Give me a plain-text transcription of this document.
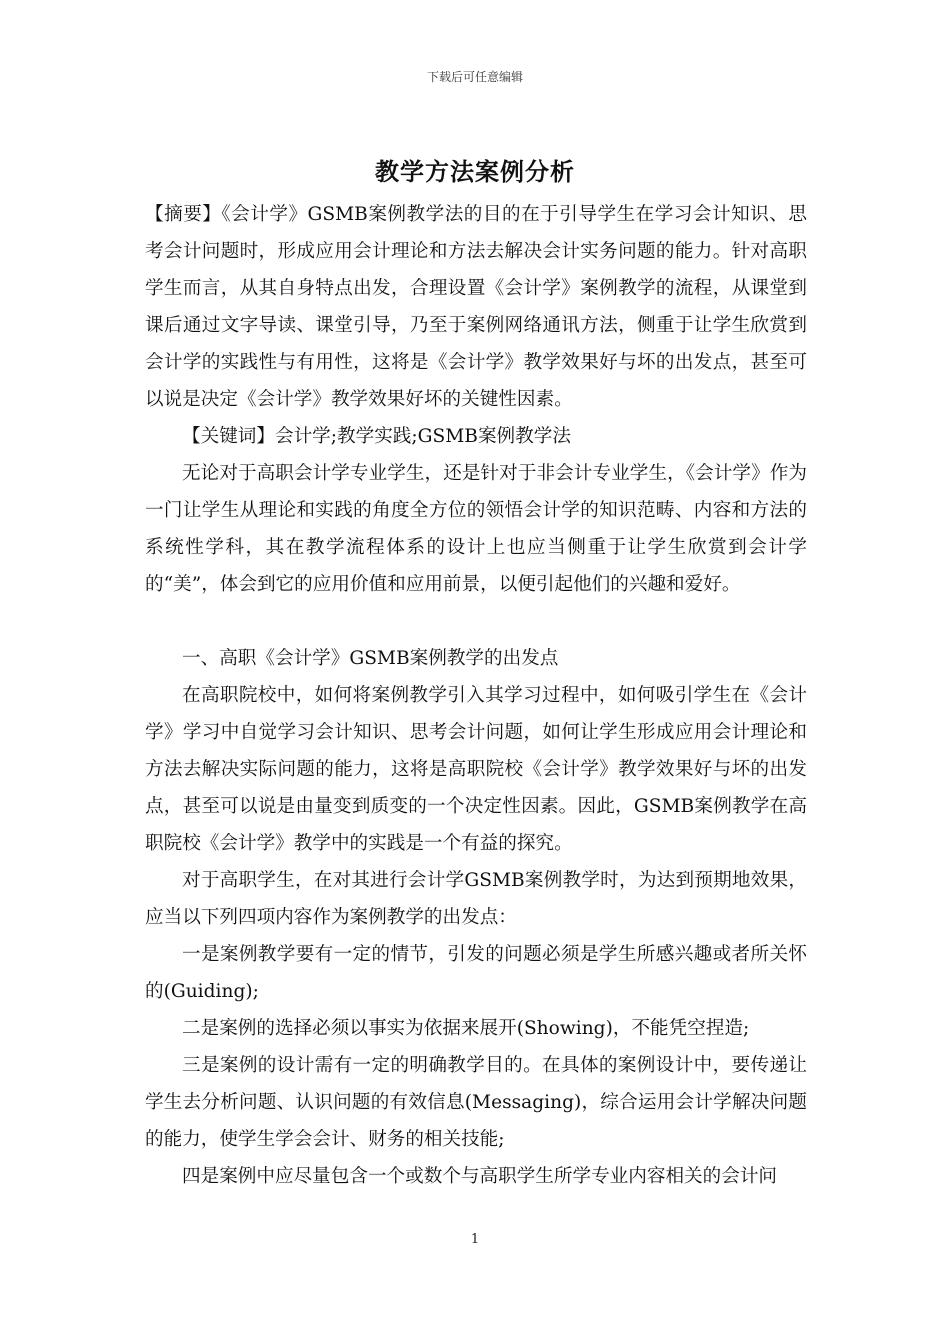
下载后可任意编辑
教学方法案例分析

【摘要】《会计学》GSMB案例教学法的目的在于引导学生在学习会计知识、思考会计问题时，形成应用会计理论和方法去解决会计实务问题的能力。针对高职学生而言，从其自身特点出发，合理设置《会计学》案例教学的流程，从课堂到课后通过文字导读、课堂引导，乃至于案例网络通讯方法，侧重于让学生欣赏到会计学的实践性与有用性，这将是《会计学》教学效果好与坏的出发点，甚至可以说是决定《会计学》教学效果好坏的关键性因素。

【关键词】会计学;教学实践;GSMB案例教学法

无论对于高职会计学专业学生，还是针对于非会计专业学生，《会计学》作为一门让学生从理论和实践的角度全方位的领悟会计学的知识范畴、内容和方法的系统性学科，其在教学流程体系的设计上也应当侧重于让学生欣赏到会计学的“美”，体会到它的应用价值和应用前景，以便引起他们的兴趣和爱好。

一、高职《会计学》GSMB案例教学的出发点

在高职院校中，如何将案例教学引入其学习过程中，如何吸引学生在《会计学》学习中自觉学习会计知识、思考会计问题，如何让学生形成应用会计理论和方法去解决实际问题的能力，这将是高职院校《会计学》教学效果好与坏的出发点，甚至可以说是由量变到质变的一个决定性因素。因此，GSMB案例教学在高职院校《会计学》教学中的实践是一个有益的探究。

对于高职学生，在对其进行会计学GSMB案例教学时，为达到预期地效果，应当以下列四项内容作为案例教学的出发点：

一是案例教学要有一定的情节，引发的问题必须是学生所感兴趣或者所关怀的(Guiding);

二是案例的选择必须以事实为依据来展开(Showing)，不能凭空捏造;

三是案例的设计需有一定的明确教学目的。在具体的案例设计中，要传递让学生去分析问题、认识问题的有效信息(Messaging)，综合运用会计学解决问题的能力，使学生学会会计、财务的相关技能;

四是案例中应尽量包含一个或数个与高职学生所学专业内容相关的会计问

1
